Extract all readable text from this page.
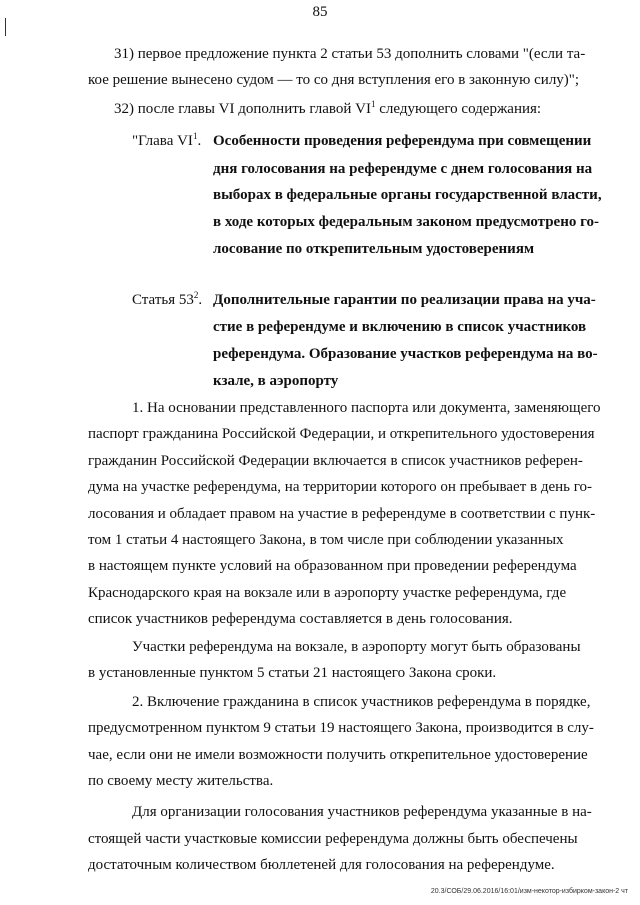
85
31) первое предложение пункта 2 статьи 53 дополнить словами "(если та-
кое решение вынесено судом — то со дня вступления его в законную силу)";
32) после главы VI дополнить главой $VI^1$ следующего содержания:
"Глава $VI^1$. Особенности проведения референдума при совмещении
дня голосования на референдуме с днем голосования на
выборах в федеральные органы государственной власти,
в ходе которых федеральным законом предусмотрено го-
лосование по открепительным удостоверениям
Статья $53^2$. Дополнительные гарантии по реализации права на уча-
стие в референдуме и включению в список участников
референдума. Образование участков референдума на во-
кзале, в аэропорту
1. На основании представленного паспорта или документа, заменяющего
паспорт гражданина Российской Федерации, и открепительного удостоверения
гражданин Российской Федерации включается в список участников референ-
дума на участке референдума, на территории которого он пребывает в день го-
лосования и обладает правом на участие в референдуме в соответствии с пунк-
том 1 статьи 4 настоящего Закона, в том числе при соблюдении указанных
в настоящем пункте условий на образованном при проведении референдума
Краснодарского края на вокзале или в аэропорту участке референдума, где
список участников референдума составляется в день голосования.
Участки референдума на вокзале, в аэропорту могут быть образованы
в установленные пунктом 5 статьи 21 настоящего Закона сроки.
2. Включение гражданина в список участников референдума в порядке,
предусмотренном пунктом 9 статьи 19 настоящего Закона, производится в слу-
чае, если они не имели возможности получить открепительное удостоверение
по своему месту жительства.
Для организации голосования участников референдума указанные в на-
стоящей части участковые комиссии референдума должны быть обеспечены
достаточным количеством бюллетеней для голосования на референдуме.
20.3/СОБ/29.06.2016/16:01/изм-некотор-избирком-закон-2 чт
